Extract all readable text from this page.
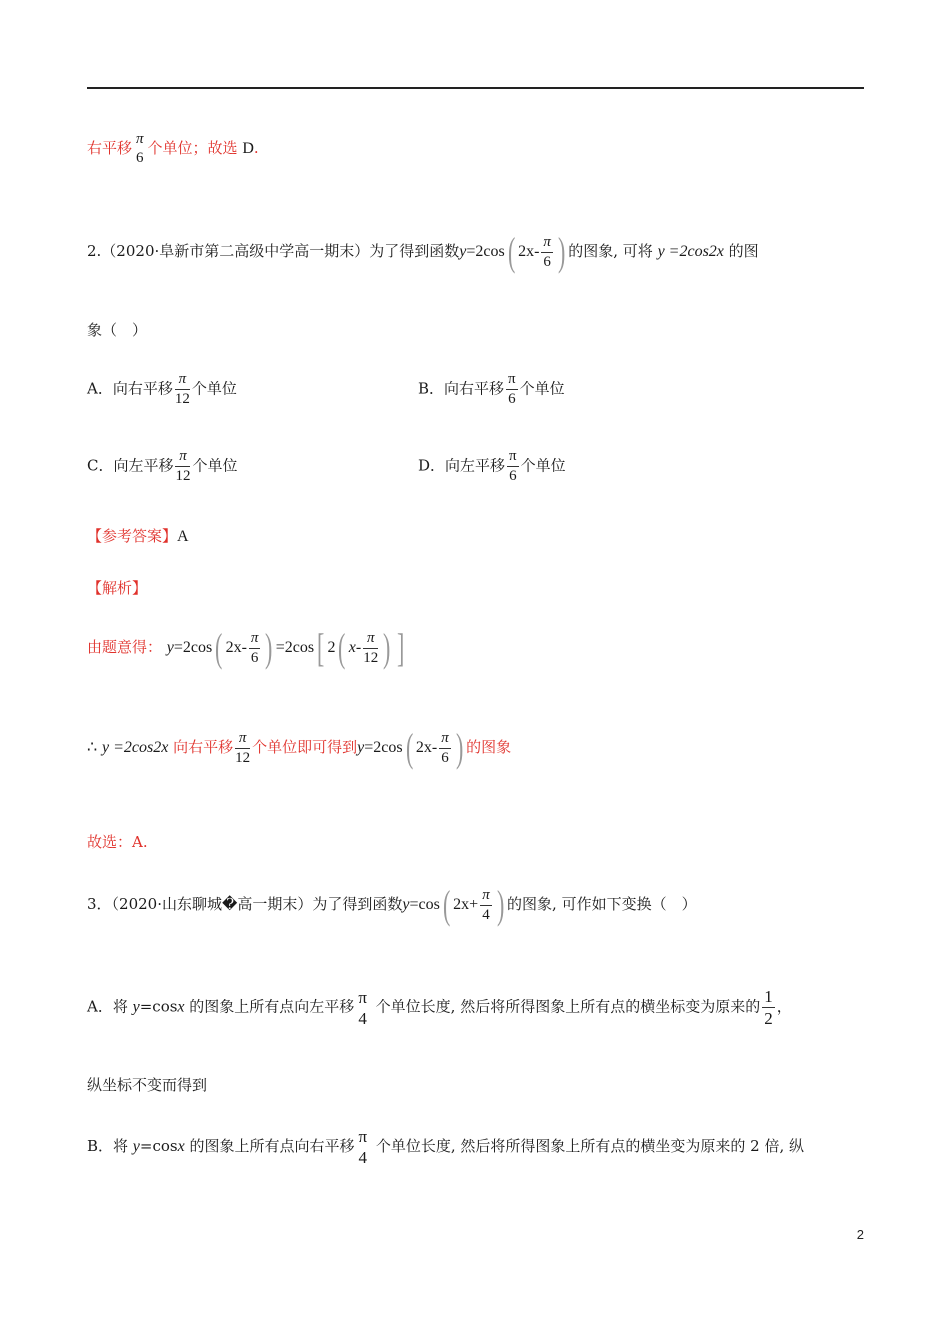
右平移 π
6
个单位；故选 D.
2.（2020·阜新市第二高级中学高一期末）为了得到函数y=2cos( $2x- \frac{\pi}{6}$ ) 的图象, 可将 y =2cos2x 的图
象（　）
A．向右平移 $\frac{\pi}{12}$ 个单位	B．向右平移 $\frac{\pi}{6}$ 个单位
C．向左平移 $\frac{\pi}{12}$ 个单位	D．向左平移 $\frac{\pi}{6}$ 个单位
【参考答案】A
【解析】
由题意得： y=2cos( $2x- \frac{\pi}{6}$ ) =2cos[ 2( $x- \frac{\pi}{12}$ ) ]
∴ y =2cos2x 向右平移 $\frac{\pi}{12}$ 个单位即可得到y=2cos( $2x- \frac{\pi}{6}$ ) 的图象
故选：A.
3．（2020·山东聊城�高一期末）为了得到函数y=cos( $2x+ \frac{\pi}{4}$ ) 的图象, 可作如下变换（　）
A．将 y=cosx 的图象上所有点向左平移 π
4
个单位长度, 然后将所得图象上所有点的横坐标变为原来的 $\frac{1}{2}$ ，
纵坐标不变而得到
B．将 y=cosx 的图象上所有点向右平移 π
4
个单位长度, 然后将所得图象上所有点的横坐变为原来的 2 倍, 纵
2
